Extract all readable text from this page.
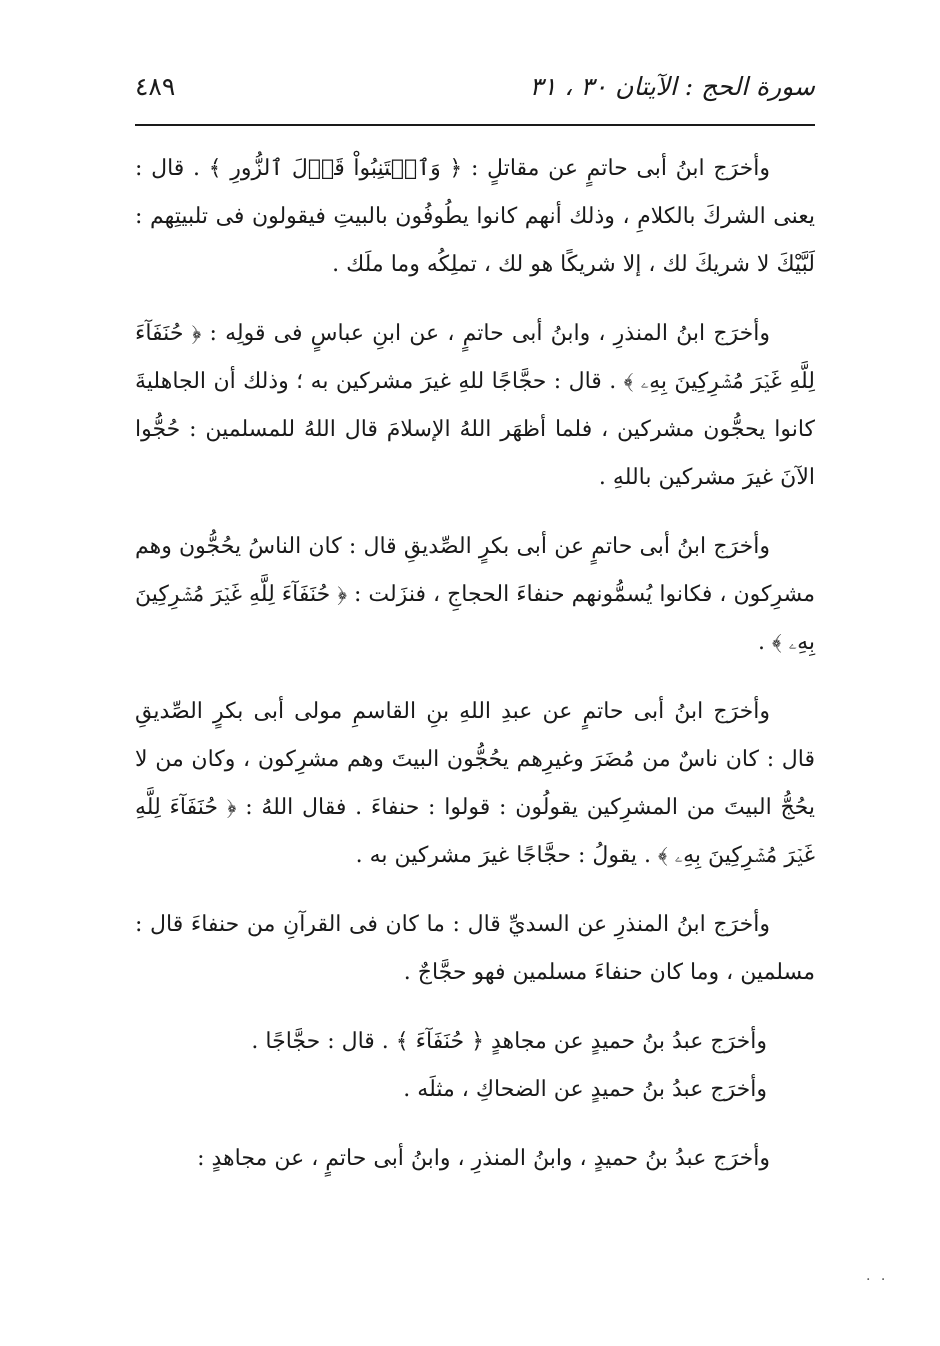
سورة الحج : الآيتان ٣٠ ، ٣١
٤٨٩

وأخرَج ابنُ أبى حاتمٍ عن مقاتلٍ : ﴿ وَٱجۡتَنِبُواْ قَوۡلَ ٱلزُّورِ ﴾ . قال : يعنى الشركَ بالكلامِ ، وذلك أنهم كانوا يطُوفُون بالبيتِ فيقولون فى تلبيتِهم : لَبَّيْكَ لا شريكَ لك ، إلا شريكًا هو لك ، تملِكُه وما ملَك .

وأخرَج ابنُ المنذرِ ، وابنُ أبى حاتمٍ ، عن ابنِ عباسٍ فى قولِه : ﴿ حُنَفَآءَ لِلَّهِ غَيۡرَ مُشۡرِكِينَ بِهِۦ ﴾ . قال : حجَّاجًا للهِ غيرَ مشركين به ؛ وذلك أن الجاهليةَ كانوا يحجُّون مشركين ، فلما أظهَر اللهُ الإسلامَ قال اللهُ للمسلمين : حُجُّوا الآنَ غيرَ مشركين باللهِ .

وأخرَج ابنُ أبى حاتمٍ عن أبى بكرٍ الصِّديقِ قال : كان الناسُ يحُجُّون وهم مشرِكون ، فكانوا يُسمُّونهم حنفاءَ الحجاجِ ، فنزَلت : ﴿ حُنَفَآءَ لِلَّهِ غَيۡرَ مُشۡرِكِينَ بِهِۦ ﴾ .

وأخرَج ابنُ أبى حاتمٍ عن عبدِ اللهِ بنِ القاسمِ مولى أبى بكرٍ الصِّديقِ قال : كان ناسٌ من مُضَرَ وغيرِهم يحُجُّون البيتَ وهم مشرِكون ، وكان من لا يحُجُّ البيتَ من المشرِكين يقولُون : قولوا : حنفاءَ . فقال اللهُ : ﴿ حُنَفَآءَ لِلَّهِ غَيۡرَ مُشۡرِكِينَ بِهِۦ ﴾ . يقولُ : حجَّاجًا غيرَ مشركين به .

وأخرَج ابنُ المنذرِ عن السديِّ قال : ما كان فى القرآنِ من حنفاءَ قال : مسلمين ، وما كان حنفاءَ مسلمين فهو حجَّاجٌ .

وأخرَج عبدُ بنُ حميدٍ عن مجاهدٍ ﴿ حُنَفَآءَ ﴾ . قال : حجَّاجًا .

وأخرَج عبدُ بنُ حميدٍ عن الضحاكِ ، مثلَه .

وأخرَج عبدُ بنُ حميدٍ ، وابنُ المنذرِ ، وابنُ أبى حاتمٍ ، عن مجاهدٍ :

. .
